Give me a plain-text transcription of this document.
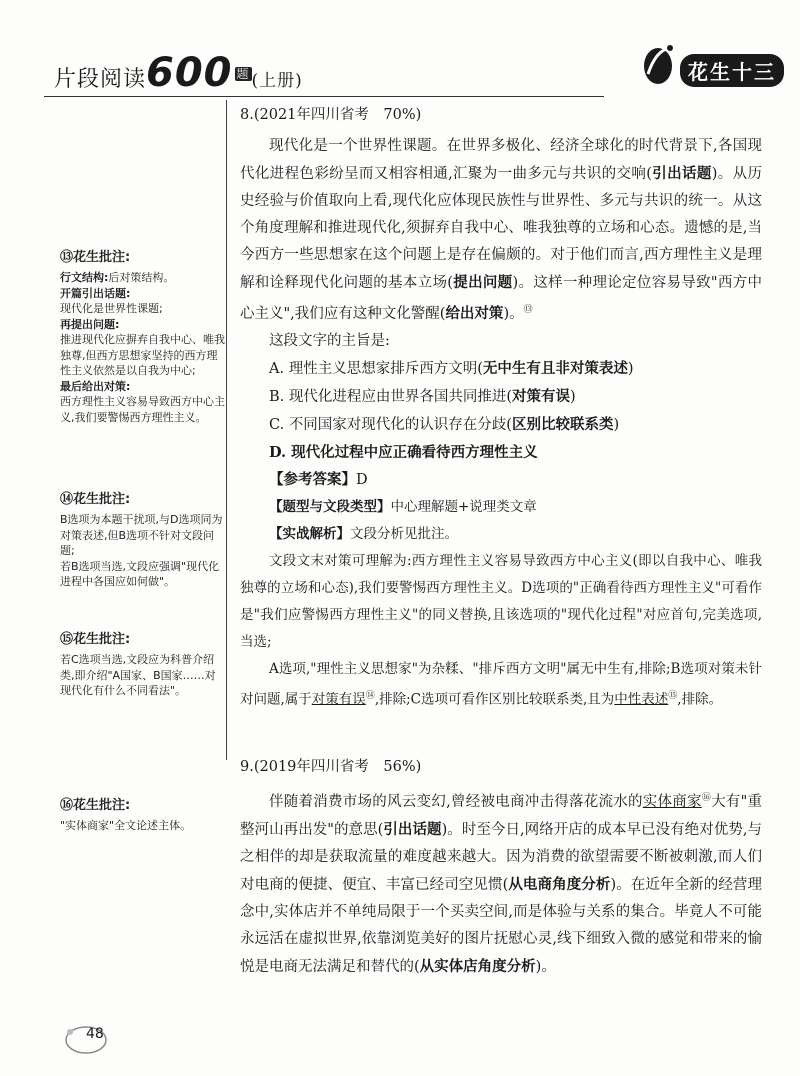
片段阅读600 $^题$ (上册)	花生十三
⑬花生批注:

行文结构:后对策结构。

开篇引出话题:

现代化是世界性课题;

再提出问题:

推进现代化应摒弃自我中心、唯我独尊,但西方思想家坚持的西方理性主义依然是以自我为中心;

最后给出对策:

西方理性主义容易导致西方中心主义,我们要警惕西方理性主义。

⑭花生批注:

B选项为本题干扰项,与D选项同为对策表述,但B选项不针对文段问题;

若B选项当选,文段应强调"现代化进程中各国应如何做"。

⑮花生批注:

若C选项当选,文段应为科普介绍类,即介绍"A国家、B国家……对现代化有什么不同看法"。

⑯花生批注:

"实体商家"全文论述主体。

8.(2021年四川省考　70%)

现代化是一个世界性课题。在世界多极化、经济全球化的时代背景下,各国现代化进程色彩纷呈而又相容相通,汇聚为一曲多元与共识的交响(引出话题)。从历史经验与价值取向上看,现代化应体现民族性与世界性、多元与共识的统一。从这个角度理解和推进现代化,须摒弃自我中心、唯我独尊的立场和心态。遗憾的是,当今西方一些思想家在这个问题上是存在偏颇的。对于他们而言,西方理性主义是理解和诠释现代化问题的基本立场(提出问题)。这样一种理论定位容易导致"西方中心主义",我们应有这种文化警醒(给出对策)。⑬

这段文字的主旨是:

A. 理性主义思想家排斥西方文明(无中生有且非对策表述)

B. 现代化进程应由世界各国共同推进(对策有误)

C. 不同国家对现代化的认识存在分歧(区别比较联系类)

D. 现代化过程中应正确看待西方理性主义

【参考答案】D

【题型与文段类型】中心理解题+说理类文章

【实战解析】文段分析见批注。

文段文末对策可理解为:西方理性主义容易导致西方中心主义(即以自我中心、唯我独尊的立场和心态),我们要警惕西方理性主义。D选项的"正确看待西方理性主义"可看作是"我们应警惕西方理性主义"的同义替换,且该选项的"现代化过程"对应首句,完美选项,当选;

A选项,"理性主义思想家"为杂糅、"排斥西方文明"属无中生有,排除;B选项对策未针对问题,属于对策有误⑭,排除;C选项可看作区别比较联系类,且为中性表述⑮,排除。

9.(2019年四川省考　56%)

伴随着消费市场的风云变幻,曾经被电商冲击得落花流水的实体商家⑯大有"重整河山再出发"的意思(引出话题)。时至今日,网络开店的成本早已没有绝对优势,与之相伴的却是获取流量的难度越来越大。因为消费的欲望需要不断被刺激,而人们对电商的便捷、便宜、丰富已经司空见惯(从电商角度分析)。在近年全新的经营理念中,实体店并不单纯局限于一个买卖空间,而是体验与关系的集合。毕竟人不可能永远活在虚拟世界,依靠浏览美好的图片抚慰心灵,线下细致入微的感觉和带来的愉悦是电商无法满足和替代的(从实体店角度分析)。

48
